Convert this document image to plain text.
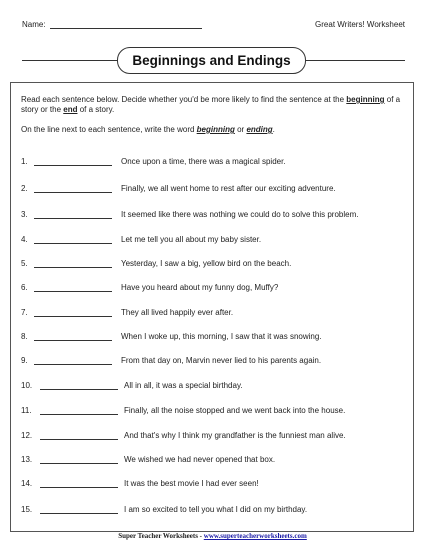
Name:	Great Writers! Worksheet
Beginnings and Endings
Read each sentence below. Decide whether you'd be more likely to find the sentence at the beginning of a story or the end of a story.
On the line next to each sentence, write the word beginning or ending.
1.	Once upon a time, there was a magical spider.
2.	Finally, we all went home to rest after our exciting adventure.
3.	It seemed like there was nothing we could do to solve this problem.
4.	Let me tell you all about my baby sister.
5.	Yesterday, I saw a big, yellow bird on the beach.
6.	Have you heard about my funny dog, Muffy?
7.	They all lived happily ever after.
8.	When I woke up, this morning, I saw that it was snowing.
9.	From that day on, Marvin never lied to his parents again.
10.	All in all, it was a special birthday.
11.	Finally, all the noise stopped and we went back into the house.
12.	And that's why I think my grandfather is the funniest man alive.
13.	We wished we had never opened that box.
14.	It was the best movie I had ever seen!
15.	I am so excited to tell you what I did on my birthday.
Super Teacher Worksheets - www.superteacherworksheets.com
